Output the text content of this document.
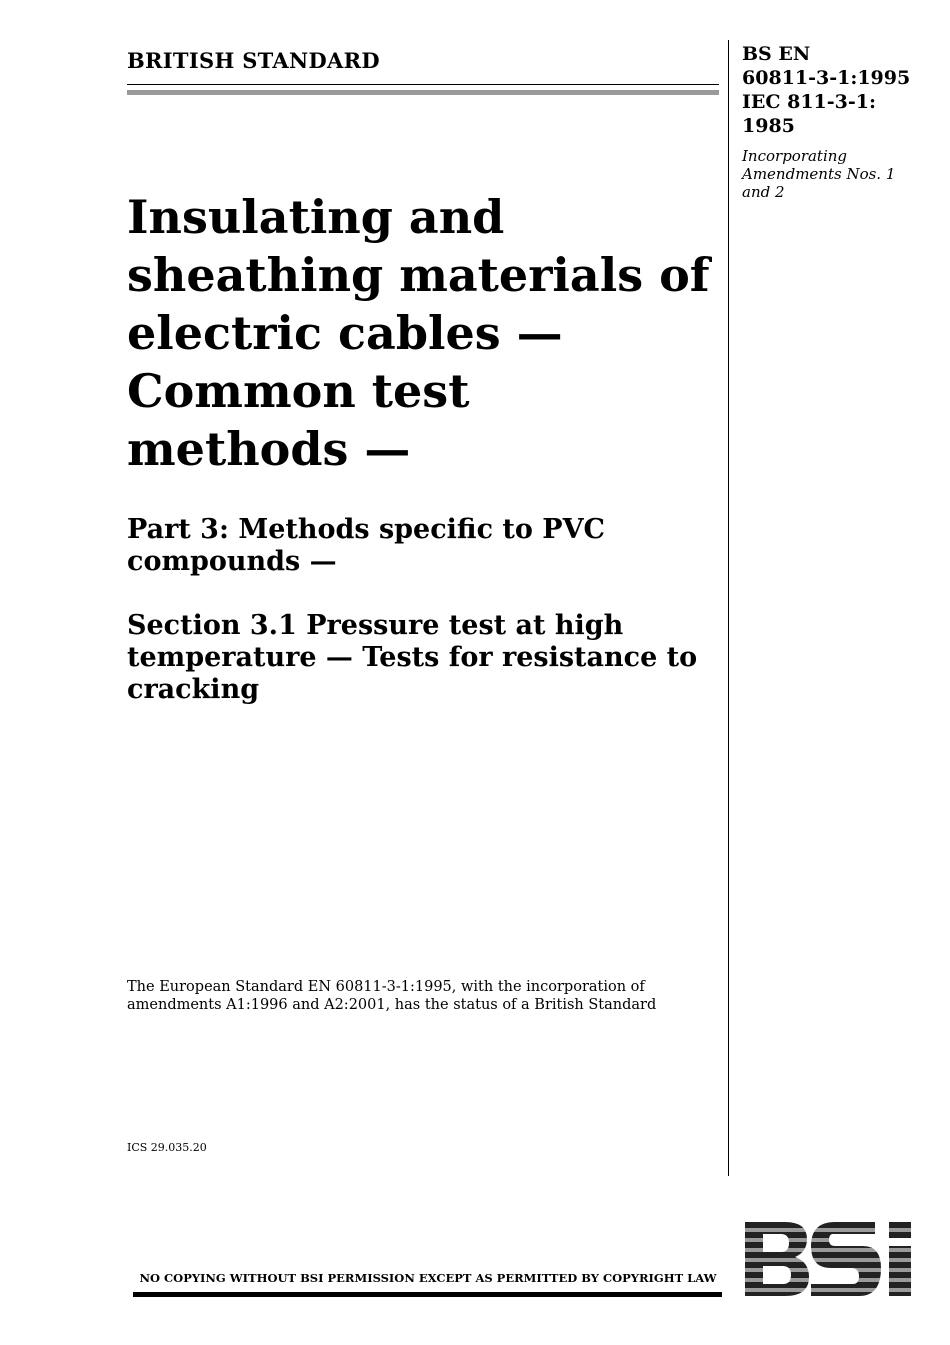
BRITISH STANDARD	BS EN
60811-3-1:1995
IEC 811-3-1:
1985
Incorporating
Amendments Nos. 1
and 2
Insulating and
sheathing materials of
electric cables —
Common test
methods —
Part 3: Methods specific to PVC
compounds —
Section 3.1 Pressure test at high
temperature — Tests for resistance to
cracking
The European Standard EN 60811-3-1:1995, with the incorporation of
amendments A1:1996 and A2:2001, has the status of a British Standard
ICS 29.035.20
NO COPYING WITHOUT BSI PERMISSION EXCEPT AS PERMITTED BY COPYRIGHT LAW
